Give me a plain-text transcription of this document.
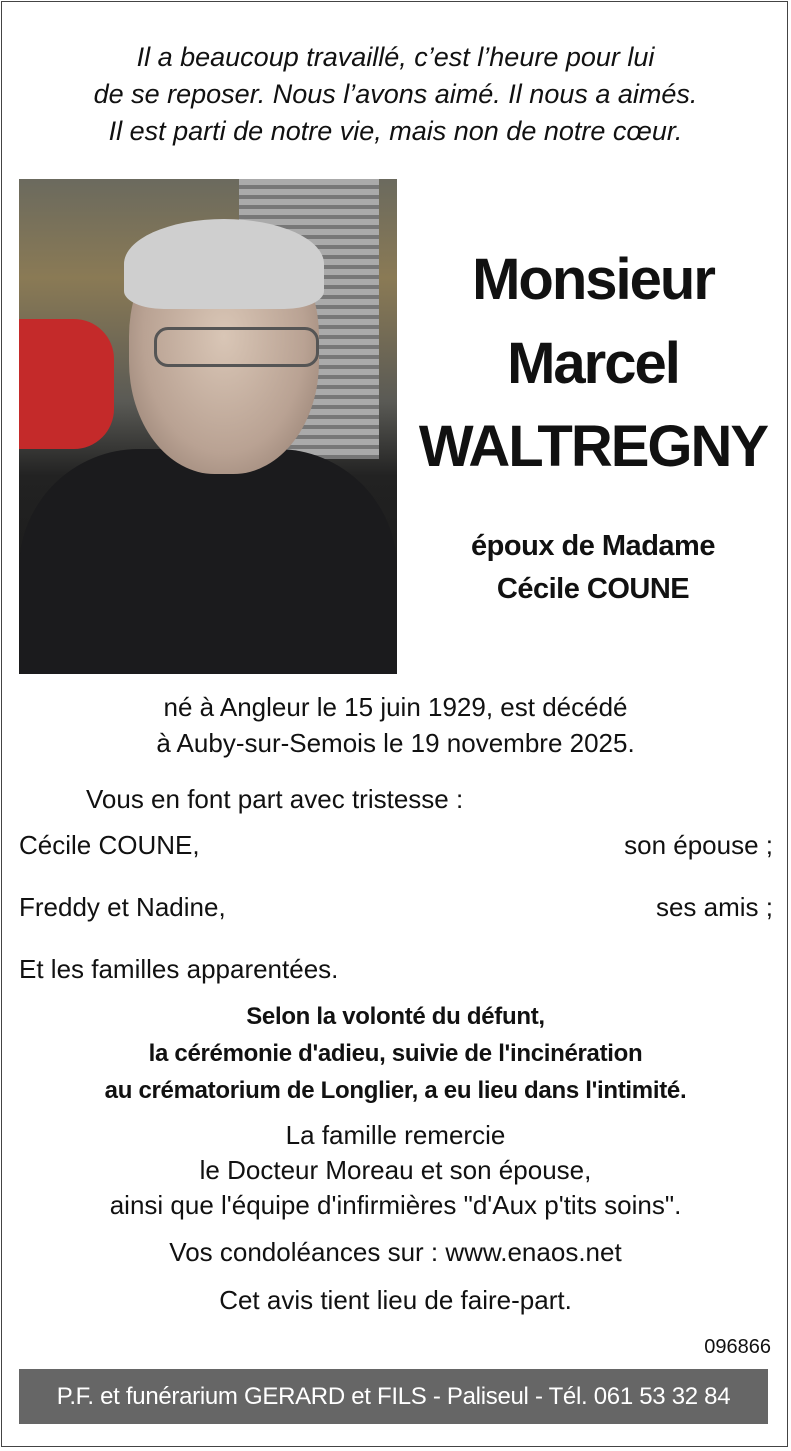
Il a beaucoup travaillé, c’est l’heure pour lui
de se reposer. Nous l’avons aimé. Il nous a aimés.
Il est parti de notre vie, mais non de notre cœur.
Monsieur
Marcel
WALTREGNY
époux de Madame
Cécile COUNE
né à Angleur le 15 juin 1929, est décédé
à Auby-sur-Semois le 19 novembre 2025.
Vous en font part avec tristesse :
Cécile COUNE,	son épouse ;
Freddy et Nadine,	ses amis ;
Et les familles apparentées.
Selon la volonté du défunt,
la cérémonie d'adieu, suivie de l'incinération
au crématorium de Longlier, a eu lieu dans l'intimité.
La famille remercie
le Docteur Moreau et son épouse,
ainsi que l'équipe d'infirmières "d'Aux p'tits soins".
Vos condoléances sur : www.enaos.net
Cet avis tient lieu de faire-part.
096866
P.F. et funérarium GERARD et FILS - Paliseul - Tél. 061 53 32 84
